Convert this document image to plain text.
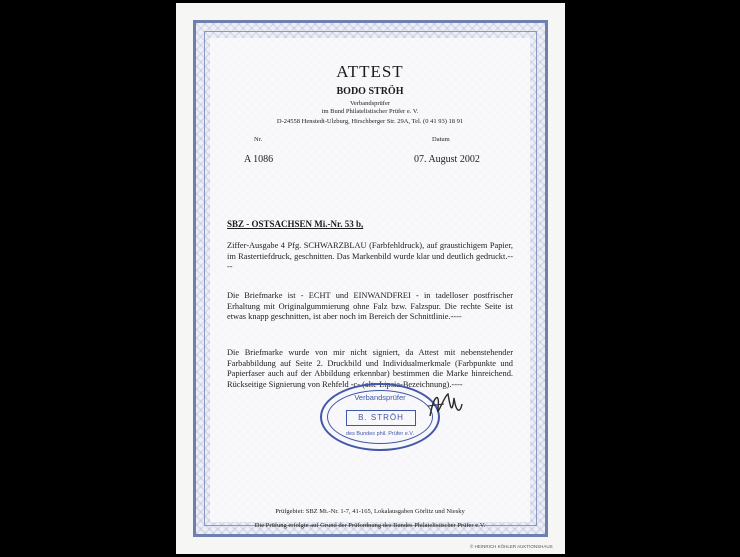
ATTEST
BODO STRÖH
Verbandsprüfer
im Bund Philatelistischer Prüfer e. V.
D-24558 Henstedt-Ulzburg, Hirschberger Str. 29A, Tel. (0 41 93) 18 91
Nr.
A 1086
Datum
07. August 2002
SBZ - OSTSACHSEN Mi.-Nr. 53 b,
Ziffer-Ausgabe 4 Pfg. SCHWARZBLAU (Farbfehldruck), auf graustichigem Papier, im Rastertiefdruck, geschnitten. Das Markenbild wurde klar und deutlich gedruckt.----
Die Briefmarke ist - ECHT und EINWANDFREI - in tadelloser postfrischer Erhaltung mit Originalgummierung ohne Falz bzw. Falzspur. Die rechte Seite ist etwas knapp geschnitten, ist aber noch im Bereich der Schnittlinie.----
Die Briefmarke wurde von mir nicht signiert, da Attest mit nebenstehender Farbabbildung auf Seite 2. Druckbild und Individualmerkmale (Farbpunkte und Papierfaser auch auf der Abbildung erkennbar) bestimmen die Marke hinreichend. Rückseitige Signierung von Rehfeld -c- (alte Lipsia-Bezeichnung).----
Prüfgebiet: SBZ Mi.-Nr. 1-7, 41-165, Lokalausgaben Görlitz und Niesky
Die Prüfung erfolgte auf Grund der Prüfordnung des Bundes Philatelistischer Prüfer e.V.
Verbandsprüfer
B. STRÖH
des Bundes phil. Prüfer e.V.
© HEINRICH KÖHLER AUKTIONSHAUS
